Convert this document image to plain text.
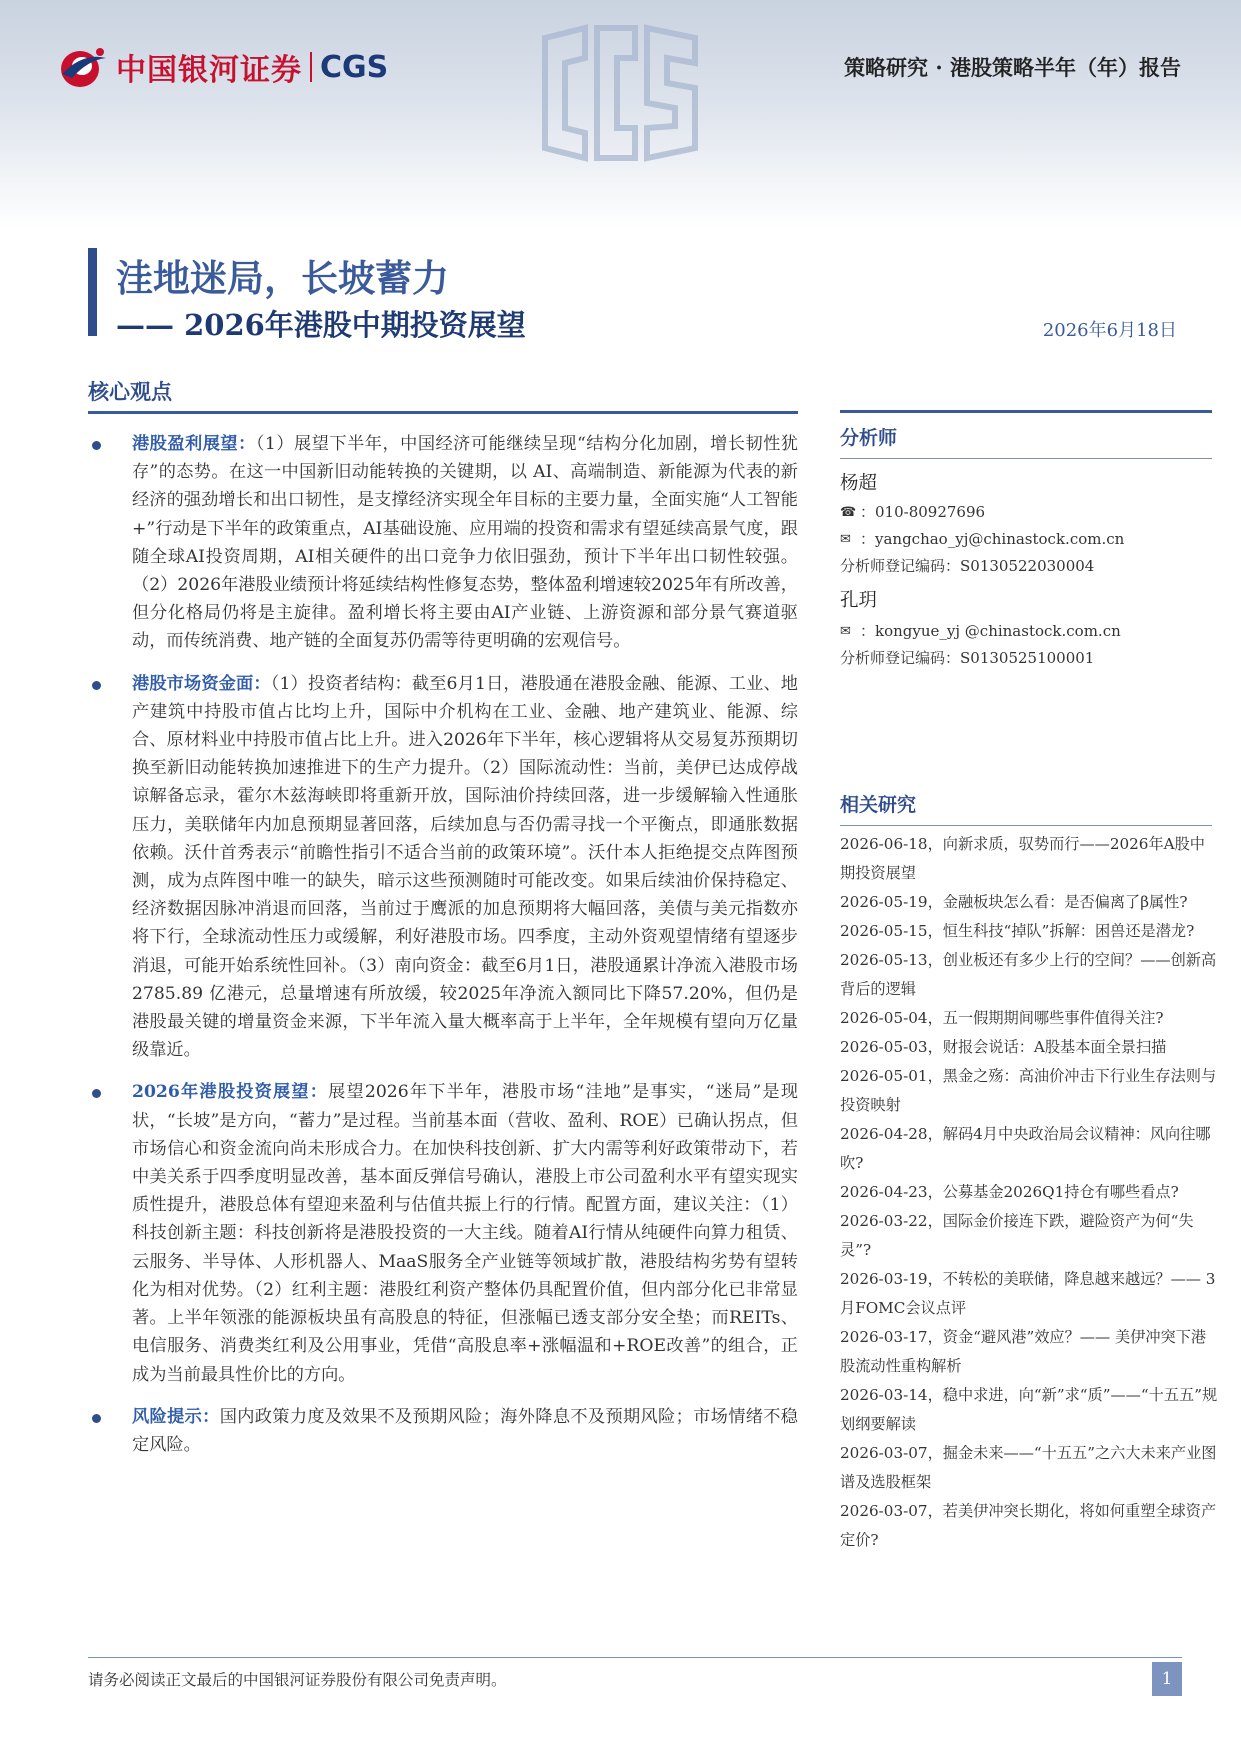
中国银河证券 CGS	策略研究 · 港股策略半年（年）报告
洼地迷局，长坡蓄力
—— 2026年港股中期投资展望	2026年6月18日
核心观点
港股盈利展望：（1）展望下半年，中国经济可能继续呈现“结构分化加剧，增长韧性犹存”的态势。在这一中国新旧动能转换的关键期，以 AI、高端制造、新能源为代表的新经济的强劲增长和出口韧性，是支撑经济实现全年目标的主要力量，全面实施“人工智能+”行动是下半年的政策重点，AI基础设施、应用端的投资和需求有望延续高景气度，跟随全球AI投资周期，AI相关硬件的出口竞争力依旧强劲，预计下半年出口韧性较强。（2）2026年港股业绩预计将延续结构性修复态势，整体盈利增速较2025年有所改善，但分化格局仍将是主旋律。盈利增长将主要由AI产业链、上游资源和部分景气赛道驱动，而传统消费、地产链的全面复苏仍需等待更明确的宏观信号。
港股市场资金面：（1）投资者结构：截至6月1日，港股通在港股金融、能源、工业、地产建筑中持股市值占比均上升，国际中介机构在工业、金融、地产建筑业、能源、综合、原材料业中持股市值占比上升。进入2026年下半年，核心逻辑将从交易复苏预期切换至新旧动能转换加速推进下的生产力提升。（2）国际流动性：当前，美伊已达成停战谅解备忘录，霍尔木兹海峡即将重新开放，国际油价持续回落，进一步缓解输入性通胀压力，美联储年内加息预期显著回落，后续加息与否仍需寻找一个平衡点，即通胀数据依赖。沃什首秀表示“前瞻性指引不适合当前的政策环境”。沃什本人拒绝提交点阵图预测，成为点阵图中唯一的缺失，暗示这些预测随时可能改变。如果后续油价保持稳定、经济数据因脉冲消退而回落，当前过于鹰派的加息预期将大幅回落，美债与美元指数亦将下行，全球流动性压力或缓解，利好港股市场。四季度，主动外资观望情绪有望逐步消退，可能开始系统性回补。（3）南向资金：截至6月1日，港股通累计净流入港股市场 2785.89 亿港元，总量增速有所放缓，较2025年净流入额同比下降57.20%，但仍是港股最关键的增量资金来源，下半年流入量大概率高于上半年，全年规模有望向万亿量级靠近。
2026年港股投资展望：展望2026年下半年，港股市场“洼地”是事实，“迷局”是现状，“长坡”是方向，“蓄力”是过程。当前基本面（营收、盈利、ROE）已确认拐点，但市场信心和资金流向尚未形成合力。在加快科技创新、扩大内需等利好政策带动下，若中美关系于四季度明显改善，基本面反弹信号确认，港股上市公司盈利水平有望实现实质性提升，港股总体有望迎来盈利与估值共振上行的行情。配置方面，建议关注：（1）科技创新主题：科技创新将是港股投资的一大主线。随着AI行情从纯硬件向算力租赁、云服务、半导体、人形机器人、MaaS服务全产业链等领域扩散，港股结构劣势有望转化为相对优势。（2）红利主题：港股红利资产整体仍具配置价值，但内部分化已非常显著。上半年领涨的能源板块虽有高股息的特征，但涨幅已透支部分安全垫；而REITs、电信服务、消费类红利及公用事业，凭借“高股息率+涨幅温和+ROE改善”的组合，正成为当前最具性价比的方向。
风险提示：国内政策力度及效果不及预期风险；海外降息不及预期风险；市场情绪不稳定风险。
分析师
杨超
☎ ：010-80927696
✉ ：yangchao_yj@chinastock.com.cn
分析师登记编码：S0130522030004
孔玥
✉ ：kongyue_yj @chinastock.com.cn
分析师登记编码：S0130525100001
相关研究

2026-06-18，向新求质，驭势而行——2026年A股中期投资展望

2026-05-19，金融板块怎么看：是否偏离了β属性?

2026-05-15，恒生科技“掉队”拆解：困兽还是潜龙?

2026-05-13，创业板还有多少上行的空间？——创新高背后的逻辑

2026-05-04，五一假期期间哪些事件值得关注?

2026-05-03，财报会说话：A股基本面全景扫描

2026-05-01，黑金之殇：高油价冲击下行业生存法则与投资映射

2026-04-28，解码4月中央政治局会议精神：风向往哪吹?

2026-04-23，公募基金2026Q1持仓有哪些看点?

2026-03-22，国际金价接连下跌，避险资产为何“失灵”?

2026-03-19，不转松的美联储，降息越来越远？—— 3月FOMC会议点评

2026-03-17，资金“避风港”效应？—— 美伊冲突下港股流动性重构解析

2026-03-14，稳中求进，向“新”求“质”——“十五五”规划纲要解读

2026-03-07，掘金未来——“十五五”之六大未来产业图谱及选股框架

2026-03-07，若美伊冲突长期化，将如何重塑全球资产定价?

请务必阅读正文最后的中国银河证券股份有限公司免责声明。	1
